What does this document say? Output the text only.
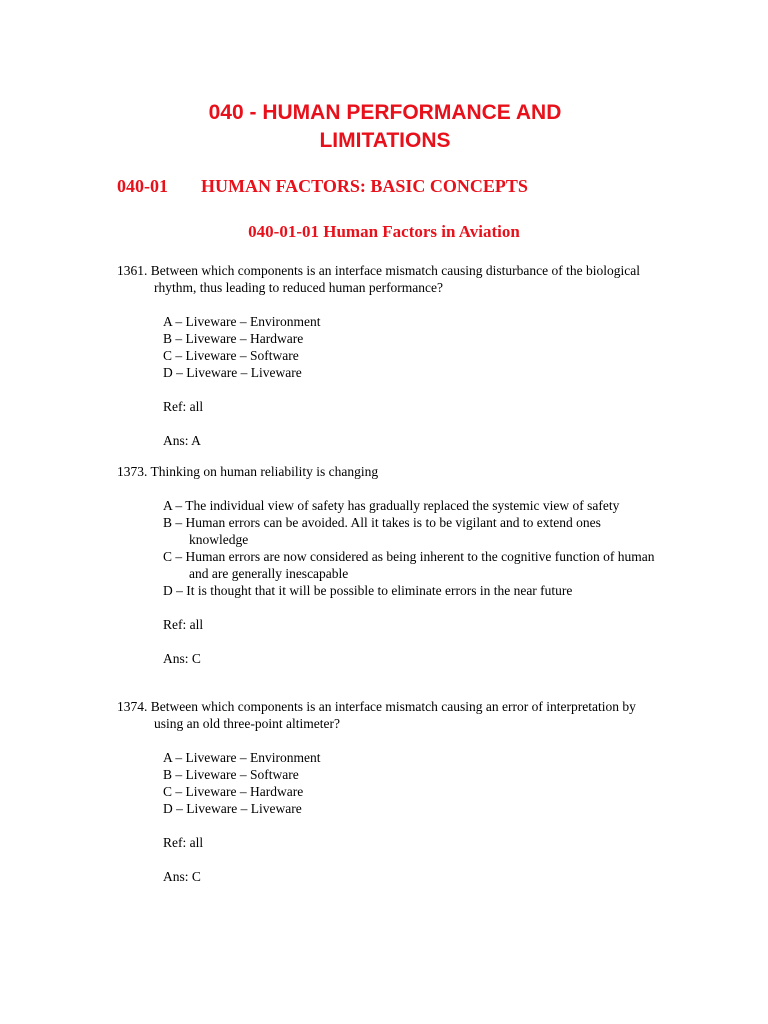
040 - HUMAN PERFORMANCE AND LIMITATIONS
040-01 HUMAN FACTORS: BASIC CONCEPTS
040-01-01 Human Factors in Aviation

1361. Between which components is an interface mismatch causing disturbance of the biological rhythm, thus leading to reduced human performance?

A – Liveware – Environment
B – Liveware – Hardware
C – Liveware – Software
D – Liveware – Liveware
Ref: all
Ans: A

1373. Thinking on human reliability is changing

A – The individual view of safety has gradually replaced the systemic view of safety
B – Human errors can be avoided. All it takes is to be vigilant and to extend ones knowledge
C – Human errors are now considered as being inherent to the cognitive function of human and are generally inescapable
D – It is thought that it will be possible to eliminate errors in the near future
Ref: all
Ans: C

1374. Between which components is an interface mismatch causing an error of interpretation by using an old three-point altimeter?

A – Liveware – Environment
B – Liveware – Software
C – Liveware – Hardware
D – Liveware – Liveware
Ref: all
Ans: C
